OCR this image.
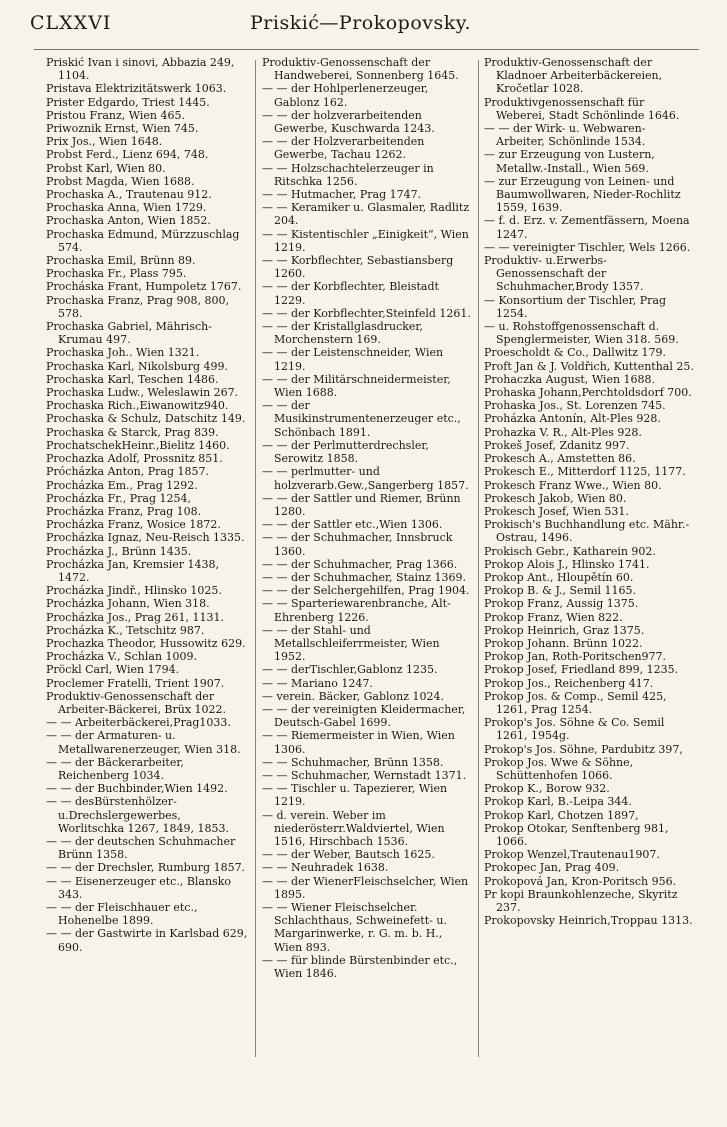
CLXXVI	Priskić—Prokopovsky.
Priskić Ivan i sinovi, Abbazia 249, 1104.
Pristava Elektrizitätswerk 1063.
Prister Edgardo, Triest 1445.
Pristou Franz, Wien 465.
Priwoznik Ernst, Wien 745.
Prix Jos., Wien 1648.
Probst Ferd., Lienz 694, 748.
Probst Karl, Wien 80.
Probst Magda, Wien 1688.
Prochaska A., Trautenau 912.
Prochaska Anna, Wien 1729.
Prochaska Anton, Wien 1852.
Prochaska Edmund, Mürzzuschlag 574.
Prochaska Emil, Brünn 89.
Prochaska Fr., Plass 795.
Procháska Frant, Humpoletz 1767.
Prochaska Franz, Prag 908, 800, 578.
Prochaska Gabriel, Mährisch-Krumau 497.
Prochaska Joh.. Wien 1321.
Prochaska Karl, Nikolsburg 499.
Prochaska Karl, Teschen 1486.
Prochaska Ludw., Weleslawin 267.
Prochaska Rich.,Eiwanowitz940.
Prochaska & Schulz, Datschitz 149.
Prochaska & Starck, Prag 839.
ProchatschekHeinr.,Bielitz 1460.
Prochazka Adolf, Prossnitz 851.
Prócházka Anton, Prag 1857.
Procházka Em., Prag 1292.
Procházka Fr., Prag 1254,
Procházka Franz, Prag 108.
Procházka Franz, Wosice 1872.
Procházka Ignaz, Neu-Reisch 1335.
Procházka J., Brünn 1435.
Procházka Jan, Kremsier 1438, 1472.
Procházka Jindř., Hlinsko 1025.
Procházka Johann, Wien 318.
Procházka Jos., Prag 261, 1131.
Procházka K., Tetschitz 987.
Prochazka Theodor, Hussowitz 629.
Procházka V., Schlan 1009.
Pröckl Carl, Wien 1794.
Proclemer Fratelli, Trient 1907.
Produktiv-Genossenschaft der Arbeiter-Bäckerei, Brüx 1022.
— — Arbeiterbäckerei,Prag1033.
— — der Armaturen- u. Metallwarenerzeuger, Wien 318.
— — der Bäckerarbeiter, Reichenberg 1034.
— — der Buchbinder,Wien 1492.
— — desBürstenhölzer- u.Drechslergewerbes, Worlitschka 1267, 1849, 1853.
— — der deutschen Schuhmacher Brünn 1358.
— — der Drechsler, Rumburg 1857.
— — Eisenerzeuger etc., Blansko 343.
— — der Fleischhauer etc., Hohenelbe 1899.
— — der Gastwirte in Karlsbad 629, 690.
Produktiv-Genossenschaft der Handweberei, Sonnenberg 1645.
— — der Hohlperlenerzeuger, Gablonz 162.
— — der holzverarbeitenden Gewerbe, Kuschwarda 1243.
— — der Holzverarbeitenden Gewerbe, Tachau 1262.
— — Holzschachtelerzeuger in Ritschka 1256.
— — Hutmacher, Prag 1747.
— — Keramiker u. Glasmaler, Radlitz 204.
— — Kistentischler „Einigkeit“, Wien 1219.
— — Korbflechter, Sebastiansberg 1260.
— — der Korbflechter, Bleistadt 1229.
— — der Korbflechter,Steinfeld 1261.
— — der Kristallglasdrucker, Morchenstern 169.
— — der Leistenschneider, Wien 1219.
— — der Militärschneidermeister, Wien 1688.
— — der Musikinstrumentenerzeuger etc., Schönbach 1891.
— — der Perlmutterdrechsler, Serowitz 1858.
— — perlmutter- und holzverarb.Gew.,Sangerberg 1857.
— — der Sattler und Riemer, Brünn 1280.
— — der Sattler etc.,Wien 1306.
— — der Schuhmacher, Innsbruck 1360.
— — der Schuhmacher, Prag 1366.
— — der Schuhmacher, Stainz 1369.
— — der Selchergehilfen, Prag 1904.
— — Sparteriewarenbranche, Alt-Ehrenberg 1226.
— — der Stahl- und Metallschleiferrmeister, Wien 1952.
— — derTischler,Gablonz 1235.
— — Mariano 1247.
— verein. Bäcker, Gablonz 1024.
— — der vereinigten Kleidermacher, Deutsch-Gabel 1699.
— — Riemermeister in Wien, Wien 1306.
— — Schuhmacher, Brünn 1358.
— — Schuhmacher, Wernstadt 1371.
— — Tischler u. Tapezierer, Wien 1219.
— d. verein. Weber im niederösterr.Waldviertel, Wien 1516, Hirschbach 1536.
— — der Weber, Bautsch 1625.
— — Neuhradek 1638.
— — der WienerFleischselcher, Wien 1895.
— — Wiener Fleischselcher. Schlachthaus, Schweinefett- u. Margarinwerke, r. G. m. b. H., Wien 893.
— — für blinde Bürstenbinder etc., Wien 1846.
Produktiv-Genossenschaft der Kladnoer Arbeiterbäckereien, Kročetlar 1028.
Produktivgenossenschaft für Weberei, Stadt Schönlinde 1646.
— — der Wirk- u. Webwaren-Arbeiter, Schönlinde 1534.
— zur Erzeugung von Lustern, Metallw.-Install., Wien 569.
— zur Erzeugung von Leinen- und Baumwollwaren, Nieder-Rochlitz 1559, 1639.
— f. d. Erz. v. Zementfässern, Moena 1247.
— — vereinigter Tischler, Wels 1266.
Produktiv- u.Erwerbs-Genossenschaft der Schuhmacher,Brody 1357.
— Konsortium der Tischler, Prag 1254.
— u. Rohstoffgenossenschaft d. Spenglermeister, Wien 318. 569.
Proescholdt & Co., Dallwitz 179.
Proft Jan & J. Voldřich, Kuttenthal 25.
Prohaczka August, Wien 1688.
Prohaska Johann,Perchtoldsdorf 700.
Prohaska Jos., St. Lorenzen 745.
Proházka Antonín, Alt-Ples 928.
Prohazka V. R., Alt-Ples 928.
Prokeš Josef, Zdanitz 997.
Prokesch A., Amstetten 86.
Prokesch E., Mitterdorf 1125, 1177.
Prokesch Franz Wwe., Wien 80.
Prokesch Jakob, Wien 80.
Prokesch Josef, Wien 531.
Prokisch's Buchhandlung etc. Mähr.-Ostrau, 1496.
Prokisch Gebr., Katharein 902.
Prokop Alois J., Hlinsko 1741.
Prokop Ant., Hloupětín 60.
Prokop B. & J., Semil 1165.
Prokop Franz, Aussig 1375.
Prokop Franz, Wien 822.
Prokop Heinrich, Graz 1375.
Prokop Johann. Brünn 1022.
Prokop Jan, Roth-Poritschen977.
Prokop Josef, Friedland 899, 1235.
Prokop Jos., Reichenberg 417.
Prokop Jos. & Comp., Semil 425, 1261, Prag 1254.
Prokop's Jos. Söhne & Co. Semil 1261, 1954g.
Prokop's Jos. Söhne, Pardubitz 397,
Prokop Jos. Wwe & Söhne, Schüttenhofen 1066.
Prokop K., Borow 932.
Prokop Karl, B.-Leipa 344.
Prokop Karl, Chotzen 1897,
Prokop Otokar, Senftenberg 981, 1066.
Prokop Wenzel,Trautenau1907.
Prokopec Jan, Prag 409.
Prokopová Jan, Kron-Poritsch 956.
Pr kopi Braunkohlenzeche, Skyritz 237.
Prokopovsky Heinrich,Troppau 1313.
